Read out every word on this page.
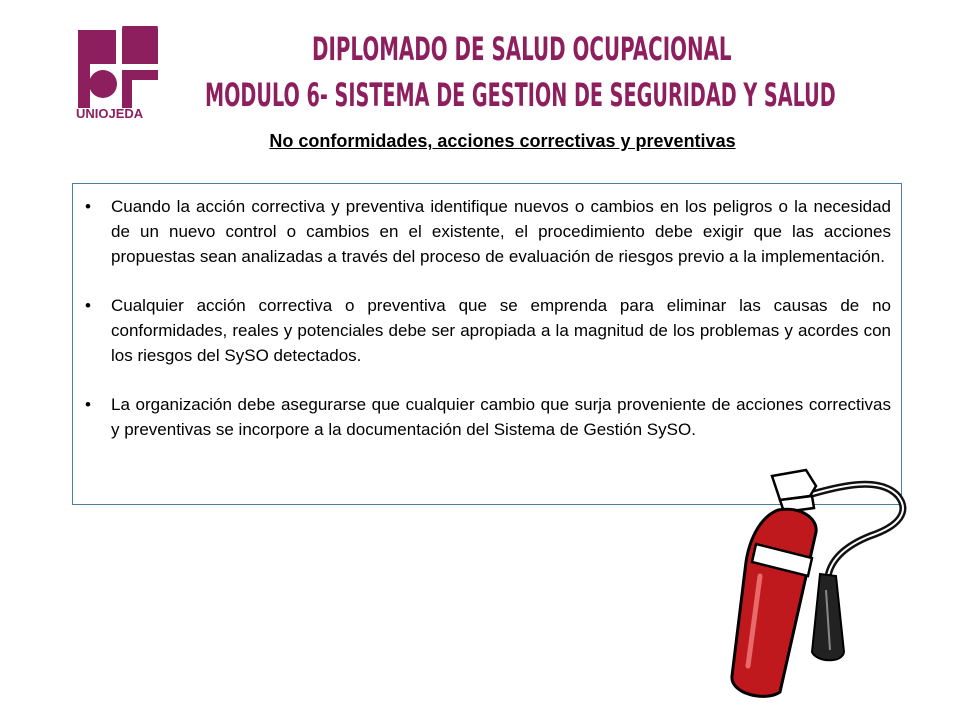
UNIOJEDA
DIPLOMADO DE SALUD OCUPACIONAL
MODULO 6- SISTEMA DE GESTION DE SEGURIDAD Y SALUD
No conformidades, acciones correctivas y preventivas
• Cuando la acción correctiva y preventiva identifique nuevos o cambios en los peligros o la necesidad de un nuevo control o cambios en el existente, el procedimiento debe exigir que las acciones propuestas sean analizadas a través del proceso de evaluación de riesgos previo a la implementación.
• Cualquier acción correctiva o preventiva que se emprenda para eliminar las causas de no conformidades, reales y potenciales debe ser apropiada a la magnitud de los problemas y acordes con los riesgos del SySO detectados.
• La organización debe asegurarse que cualquier cambio que surja proveniente de acciones correctivas y preventivas se incorpore a la documentación del Sistema de Gestión SySO.
